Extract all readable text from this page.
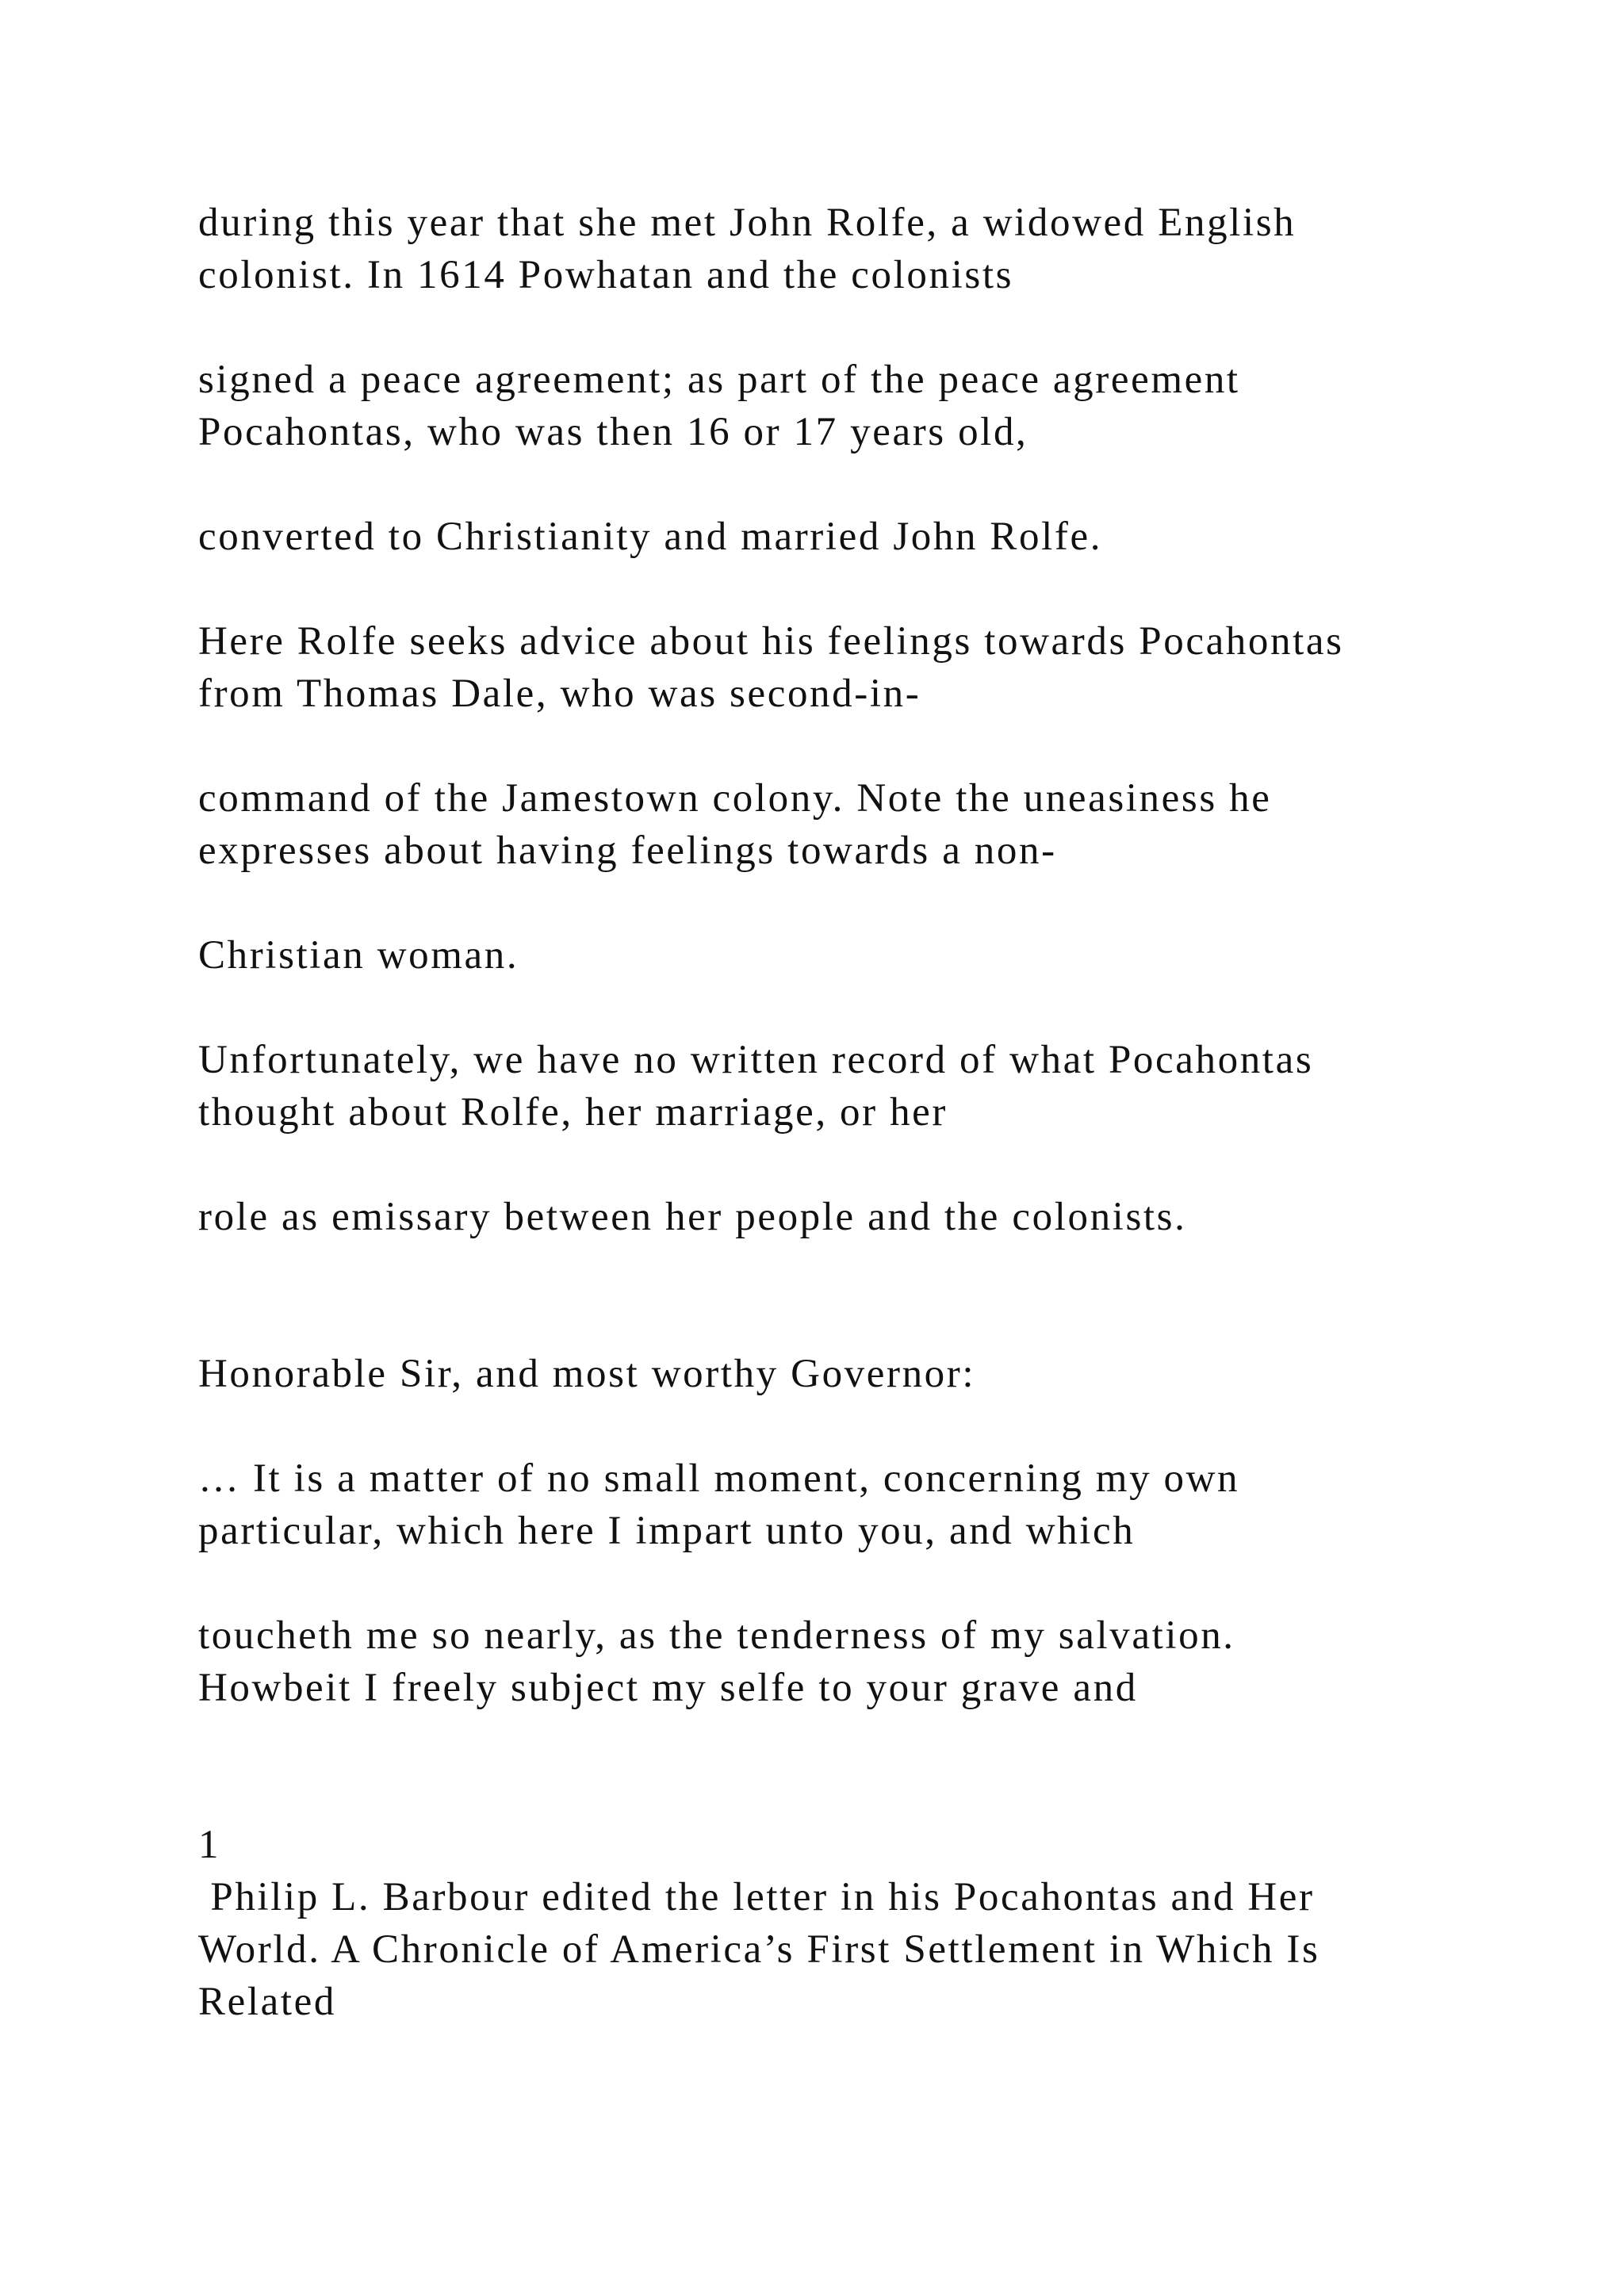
during this year that she met John Rolfe, a widowed English
colonist. In 1614 Powhatan and the colonists
signed a peace agreement; as part of the peace agreement
Pocahontas, who was then 16 or 17 years old,
converted to Christianity and married John Rolfe.
Here Rolfe seeks advice about his feelings towards Pocahontas
from Thomas Dale, who was second-in-
command of the Jamestown colony. Note the uneasiness he
expresses about having feelings towards a non-
Christian woman.
Unfortunately, we have no written record of what Pocahontas
thought about Rolfe, her marriage, or her
role as emissary between her people and the colonists.
Honorable Sir, and most worthy Governor:
… It is a matter of no small moment, concerning my own
particular, which here I impart unto you, and which
toucheth me so nearly, as the tenderness of my salvation.
Howbeit I freely subject my selfe to your grave and
1
Philip L. Barbour edited the letter in his Pocahontas and Her
World. A Chronicle of America’s First Settlement in Which Is
Related
